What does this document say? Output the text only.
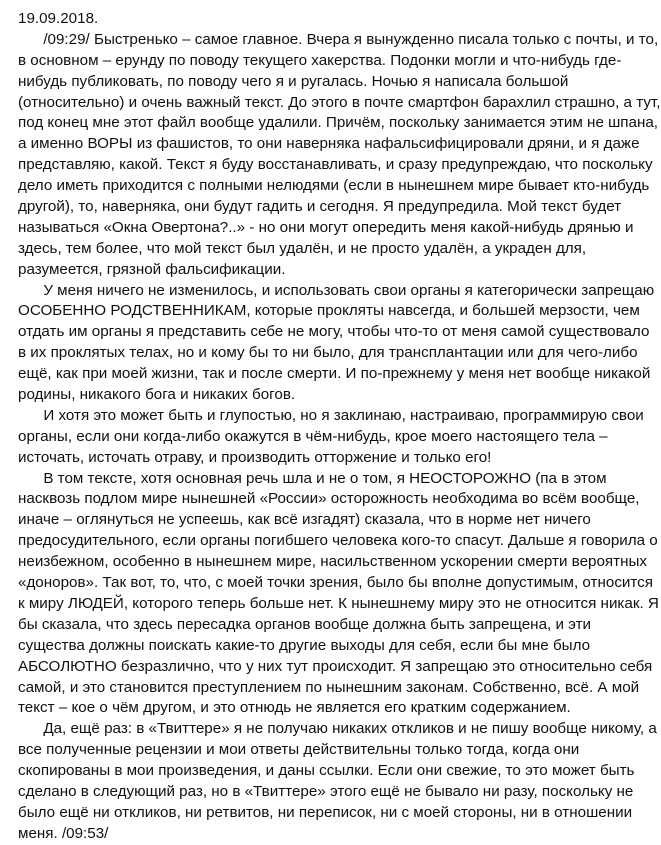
19.09.2018.
/09:29/ Быстренько – самое главное. Вчера я вынужденно писала только с почты, и то,
в основном – ерунду по поводу текущего хакерства. Подонки могли и что-нибудь где-
нибудь публиковать, по поводу чего я и ругалась. Ночью я написала большой
(относительно) и очень важный текст. До этого в почте смартфон барахлил страшно, а тут,
под конец мне этот файл вообще удалили. Причём, поскольку занимается этим не шпана,
а именно ВОРЫ из фашистов, то они наверняка нафальсифицировали дряни, и я даже
представляю, какой. Текст я буду восстанавливать, и сразу предупреждаю, что поскольку
дело иметь приходится с полными нелюдями (если в нынешнем мире бывает кто-нибудь
другой), то, наверняка, они будут гадить и сегодня. Я предупредила. Мой текст будет
называться «Окна Овертона?..» - но они могут опередить меня какой-нибудь дрянью и
здесь, тем более, что мой текст был удалён, и не просто удалён, а украден для,
разумеется, грязной фальсификации.
У меня ничего не изменилось, и использовать свои органы я категорически запрещаю
ОСОБЕННО РОДСТВЕННИКАМ, которые прокляты навсегда, и большей мерзости, чем
отдать им органы я представить себе не могу, чтобы что-то от меня самой существовало
в их проклятых телах, но и кому бы то ни было, для трансплантации или для чего-либо
ещё, как при моей жизни, так и после смерти. И по-прежнему у меня нет вообще никакой
родины, никакого бога и никаких богов.
И хотя это может быть и глупостью, но я заклинаю, настраиваю, программирую свои
органы, если они когда-либо окажутся в чём-нибудь, крое моего настоящего тела –
источать, источать отраву, и производить отторжение и только его!
В том тексте, хотя основная речь шла и не о том, я НЕОСТОРОЖНО (па в этом
насквозь подлом мире нынешней «России» осторожность необходима во всём вообще,
иначе – оглянуться не успеешь, как всё изгадят) сказала, что в норме нет ничего
предосудительного, если органы погибшего человека кого-то спасут. Дальше я говорила о
неизбежном, особенно в нынешнем мире, насильственном ускорении смерти вероятных
«доноров». Так вот, то, что, с моей точки зрения, было бы вполне допустимым, относится
к миру ЛЮДЕЙ, которого теперь больше нет. К нынешнему миру это не относится никак. Я
бы сказала, что здесь пересадка органов вообще должна быть запрещена, и эти
существа должны поискать какие-то другие выходы для себя, если бы мне было
АБСОЛЮТНО безразлично, что у них тут происходит. Я запрещаю это относительно себя
самой, и это становится преступлением по нынешним законам. Собственно, всё. А мой
текст – кое о чём другом, и это отнюдь не является его кратким содержанием.
Да, ещё раз: в «Твиттере» я не получаю никаких откликов и не пишу вообще никому, а
все полученные рецензии и мои ответы действительны только тогда, когда они
скопированы в мои произведения, и даны ссылки. Если они свежие, то это может быть
сделано в следующий раз, но в «Твиттере» этого ещё не бывало ни разу, поскольку не
было ещё ни откликов, ни ретвитов, ни переписок, ни с моей стороны, ни в отношении
меня. /09:53/
